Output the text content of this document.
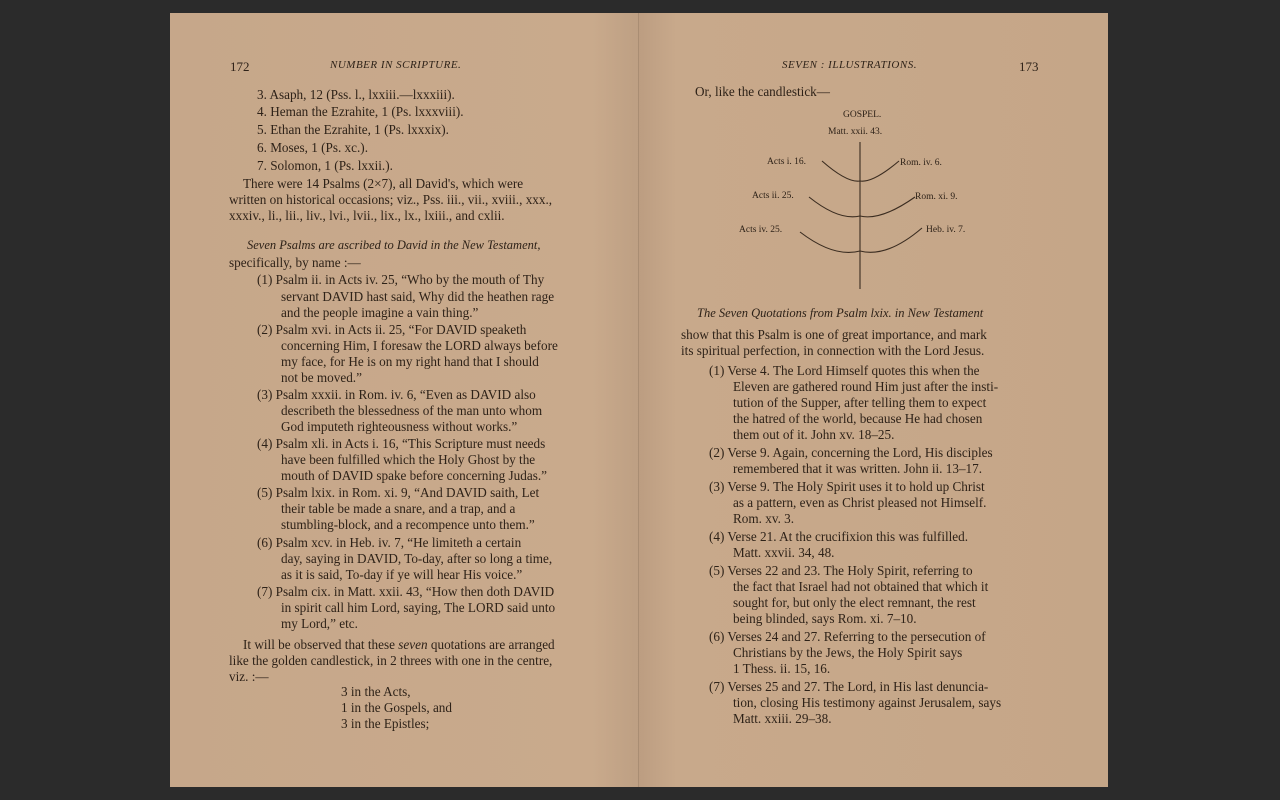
172	NUMBER IN SCRIPTURE.
3. Asaph, 12 (Pss. l., lxxiii.—lxxxiii).
4. Heman the Ezrahite, 1 (Ps. lxxxviii).
5. Ethan the Ezrahite, 1 (Ps. lxxxix).
6. Moses, 1 (Ps. xc.).
7. Solomon, 1 (Ps. lxxii.).
There were 14 Psalms (2×7), all David's, which were
written on historical occasions; viz., Pss. iii., vii., xviii., xxx.,
xxxiv., li., lii., liv., lvi., lvii., lix., lx., lxiii., and cxlii.
Seven Psalms are ascribed to David in the New Testament,
specifically, by name :—
(1) Psalm ii. in Acts iv. 25, “Who by the mouth of Thy
servant DAVID hast said, Why did the heathen rage
and the people imagine a vain thing.”
(2) Psalm xvi. in Acts ii. 25, “For DAVID speaketh
concerning Him, I foresaw the LORD always before
my face, for He is on my right hand that I should
not be moved.”
(3) Psalm xxxii. in Rom. iv. 6, “Even as DAVID also
describeth the blessedness of the man unto whom
God imputeth righteousness without works.”
(4) Psalm xli. in Acts i. 16, “This Scripture must needs
have been fulfilled which the Holy Ghost by the
mouth of DAVID spake before concerning Judas.”
(5) Psalm lxix. in Rom. xi. 9, “And DAVID saith, Let
their table be made a snare, and a trap, and a
stumbling-block, and a recompence unto them.”
(6) Psalm xcv. in Heb. iv. 7, “He limiteth a certain
day, saying in DAVID, To-day, after so long a time,
as it is said, To-day if ye will hear His voice.”
(7) Psalm cix. in Matt. xxii. 43, “How then doth DAVID
in spirit call him Lord, saying, The LORD said unto
my Lord,” etc.
It will be observed that these seven quotations are arranged
like the golden candlestick, in 2 threes with one in the centre,
viz. :—
3 in the Acts,
1 in the Gospels, and
3 in the Epistles;
SEVEN : ILLUSTRATIONS.	173
Or, like the candlestick—
GOSPEL.
Matt. xxii. 43.
Acts i. 16.
Acts ii. 25.
Acts iv. 25.
Rom. iv. 6.
Rom. xi. 9.
Heb. iv. 7.
The Seven Quotations from Psalm lxix. in New Testament
show that this Psalm is one of great importance, and mark
its spiritual perfection, in connection with the Lord Jesus.
(1) Verse 4. The Lord Himself quotes this when the
Eleven are gathered round Him just after the insti-
tution of the Supper, after telling them to expect
the hatred of the world, because He had chosen
them out of it. John xv. 18–25.
(2) Verse 9. Again, concerning the Lord, His disciples
remembered that it was written. John ii. 13–17.
(3) Verse 9. The Holy Spirit uses it to hold up Christ
as a pattern, even as Christ pleased not Himself.
Rom. xv. 3.
(4) Verse 21. At the crucifixion this was fulfilled.
Matt. xxvii. 34, 48.
(5) Verses 22 and 23. The Holy Spirit, referring to
the fact that Israel had not obtained that which it
sought for, but only the elect remnant, the rest
being blinded, says Rom. xi. 7–10.
(6) Verses 24 and 27. Referring to the persecution of
Christians by the Jews, the Holy Spirit says
1 Thess. ii. 15, 16.
(7) Verses 25 and 27. The Lord, in His last denuncia-
tion, closing His testimony against Jerusalem, says
Matt. xxiii. 29–38.
